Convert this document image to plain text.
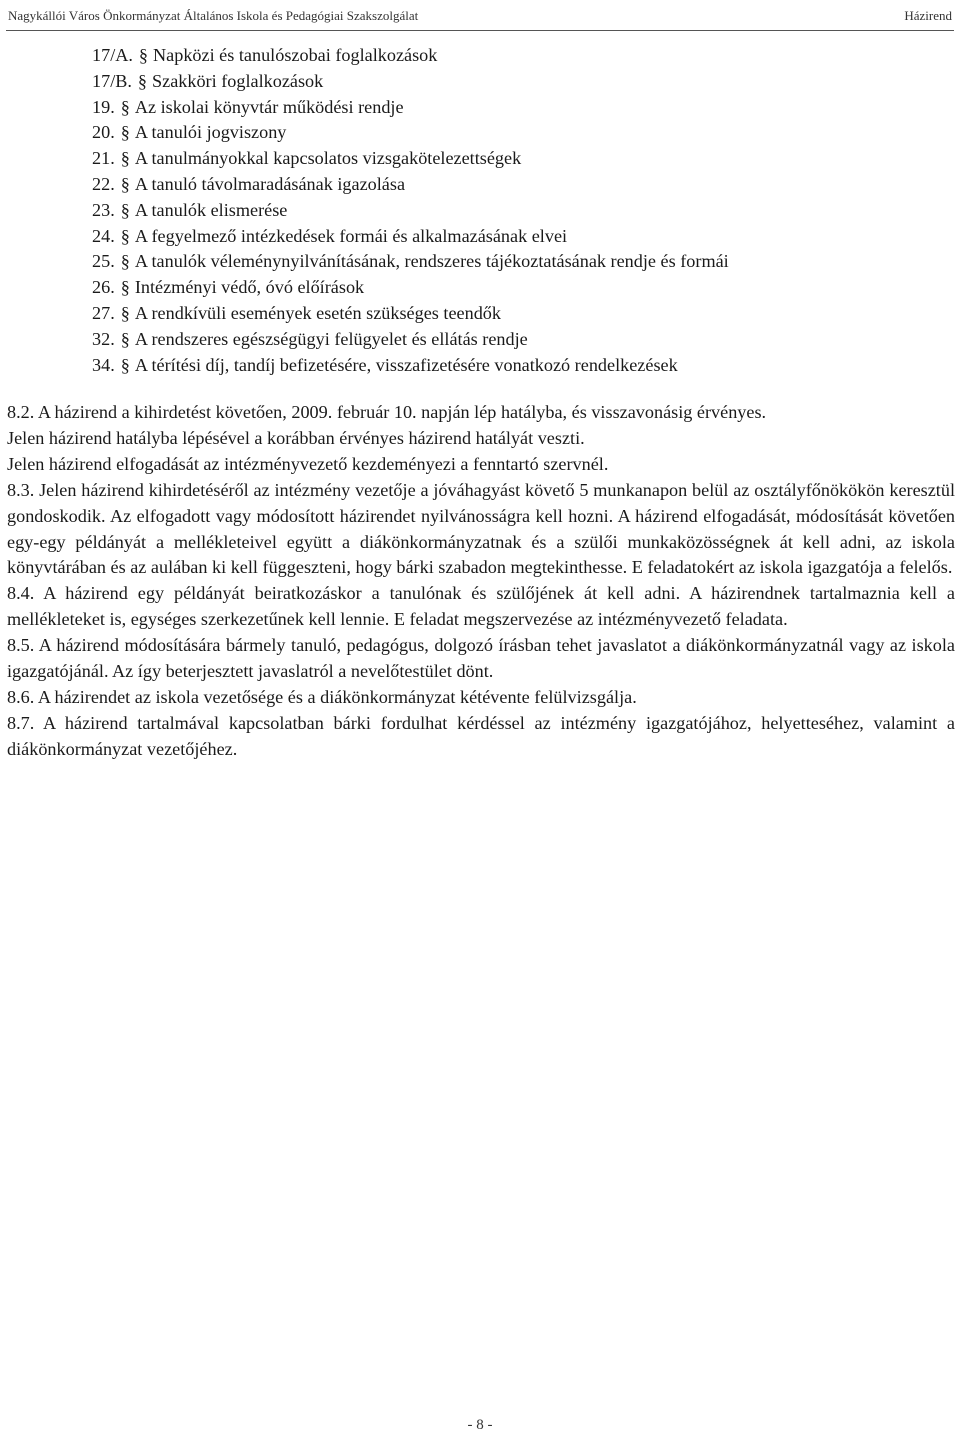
Nagykállói Város Önkormányzat Általános Iskola és Pedagógiai Szakszolgálat	Házirend
17/A. § Napközi és tanulószobai foglalkozások
17/B. § Szakköri foglalkozások
19. § Az iskolai könyvtár működési rendje
20. § A tanulói jogviszony
21. § A tanulmányokkal kapcsolatos vizsgakötelezettségek
22. § A tanuló távolmaradásának igazolása
23. § A tanulók elismerése
24. § A fegyelmező intézkedések formái és alkalmazásának elvei
25. § A tanulók véleménynyilvánításának, rendszeres tájékoztatásának rendje és formái
26. § Intézményi védő, óvó előírások
27. § A rendkívüli események esetén szükséges teendők
32. § A rendszeres egészségügyi felügyelet és ellátás rendje
34. § A térítési díj, tandíj befizetésére, visszafizetésére vonatkozó rendelkezések

8.2. A házirend a kihirdetést követően, 2009. február 10. napján lép hatályba, és visszavonásig érvényes.

Jelen házirend hatályba lépésével a korábban érvényes házirend hatályát veszti.

Jelen házirend elfogadását az intézményvezető kezdeményezi a fenntartó szervnél.

8.3. Jelen házirend kihirdetéséről az intézmény vezetője a jóváhagyást követő 5 munkanapon belül az osztályfőnökökön keresztül gondoskodik. Az elfogadott vagy módosított házirendet nyilvánosságra kell hozni. A házirend elfogadását, módosítását követően egy-egy példányát a mellékleteivel együtt a diákönkormányzatnak és a szülői munkaközösségnek át kell adni, az iskola könyvtárában és az aulában ki kell függeszteni, hogy bárki szabadon megtekinthesse. E feladatokért az iskola igazgatója a felelős.

8.4. A házirend egy példányát beiratkozáskor a tanulónak és szülőjének át kell adni. A házirendnek tartalmaznia kell a mellékleteket is, egységes szerkezetűnek kell lennie. E feladat megszervezése az intézményvezető feladata.

8.5. A házirend módosítására bármely tanuló, pedagógus, dolgozó írásban tehet javaslatot a diákönkormányzatnál vagy az iskola igazgatójánál. Az így beterjesztett javaslatról a nevelőtestület dönt.

8.6. A házirendet az iskola vezetősége és a diákönkormányzat kétévente felülvizsgálja.

8.7. A házirend tartalmával kapcsolatban bárki fordulhat kérdéssel az intézmény igazgatójához, helyetteséhez, valamint a diákönkormányzat vezetőjéhez.

- 8 -
